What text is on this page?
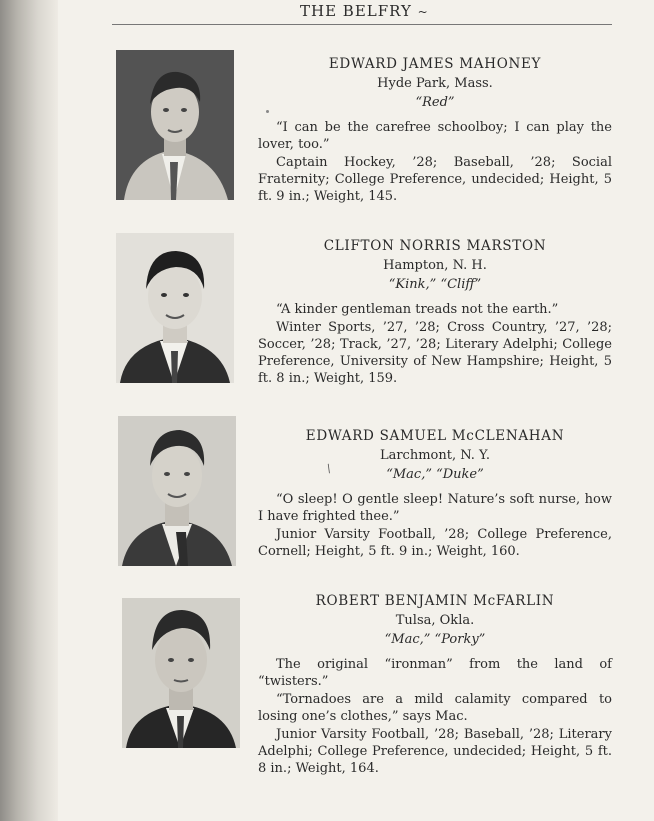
THE BELFRY ~
/
EDWARD JAMES MAHONEY
Hyde Park, Mass.
“Red”

“I can be the carefree schoolboy; I can play the lover, too.”

Captain Hockey, ’28; Baseball, ’28; Social Fraternity; College Preference, undecided; Height, 5 ft. 9 in.; Weight, 145.

CLIFTON NORRIS MARSTON
Hampton, N. H.
“Kink,” “Cliff”

“A kinder gentleman treads not the earth.”

Winter Sports, ’27, ’28; Cross Country, ’27, ’28; Soccer, ’28; Track, ’27, ’28; Literary Adelphi; College Preference, University of New Hampshire; Height, 5 ft. 8 in.; Weight, 159.

EDWARD SAMUEL McCLENAHAN
Larchmont, N. Y.
“Mac,” “Duke”

“O sleep! O gentle sleep! Nature’s soft nurse, how I have frighted thee.”

Junior Varsity Football, ’28; College Preference, Cornell; Height, 5 ft. 9 in.; Weight, 160.

ROBERT BENJAMIN McFARLIN
Tulsa, Okla.
“Mac,” “Porky”

The original “ironman” from the land of “twisters.”

“Tornadoes are a mild calamity compared to losing one’s clothes,” says Mac.

Junior Varsity Football, ’28; Baseball, ’28; Literary Adelphi; College Preference, undecided; Height, 5 ft. 8 in.; Weight, 164.
